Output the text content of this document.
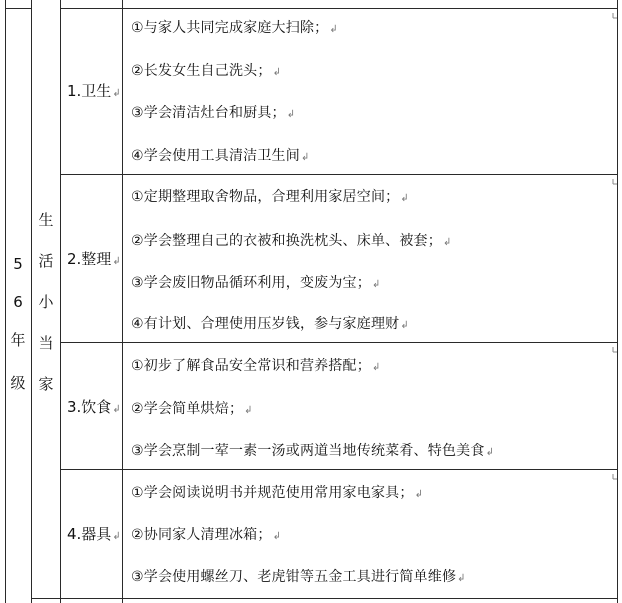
5
6
年
级
生
活
小
当
家
1.卫生↲
2.整理↲
3.饮食↲
4.器具↲
①与家人共同完成家庭大扫除；↲
②长发女生自己洗头；↲
③学会清洁灶台和厨具；↲
④学会使用工具清洁卫生间↲
①定期整理取舍物品，合理利用家居空间；↲
②学会整理自己的衣被和换洗枕头、床单、被套；↲
③学会废旧物品循环利用，变废为宝；↲
④有计划、合理使用压岁钱，参与家庭理财↲
①初步了解食品安全常识和营养搭配；↲
②学会简单烘焙；↲
③学会烹制一荤一素一汤或两道当地传统菜肴、特色美食↲
①学会阅读说明书并规范使用常用家电家具；↲
②协同家人清理冰箱；↲
③学会使用螺丝刀、老虎钳等五金工具进行简单维修↲
